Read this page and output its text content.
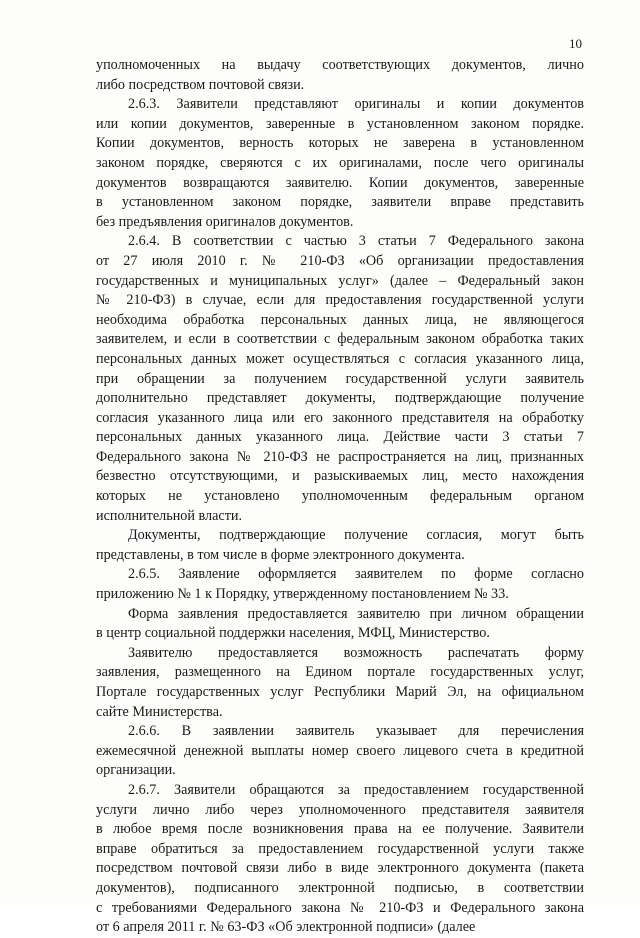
10

уполномоченных на выдачу соответствующих документов, лично

либо посредством почтовой связи.

2.6.3. Заявители представляют оригиналы и копии документов

или копии документов, заверенные в установленном законом порядке.

Копии документов, верность которых не заверена в установленном

законом порядке, сверяются с их оригиналами, после чего оригиналы

документов возвращаются заявителю. Копии документов, заверенные

в установленном законом порядке, заявители вправе представить

без предъявления оригиналов документов.

2.6.4. В соответствии с частью 3 статьи 7 Федерального закона

от 27 июля 2010 г. № 210-ФЗ «Об организации предоставления

государственных и муниципальных услуг» (далее – Федеральный закон

№ 210-ФЗ) в случае, если для предоставления государственной услуги

необходима обработка персональных данных лица, не являющегося

заявителем, и если в соответствии с федеральным законом обработка таких

персональных данных может осуществляться с согласия указанного лица,

при обращении за получением государственной услуги заявитель

дополнительно представляет документы, подтверждающие получение

согласия указанного лица или его законного представителя на обработку

персональных данных указанного лица. Действие части 3 статьи 7

Федерального закона № 210-ФЗ не распространяется на лиц, признанных

безвестно отсутствующими, и разыскиваемых лиц, место нахождения

которых не установлено уполномоченным федеральным органом

исполнительной власти.

Документы, подтверждающие получение согласия, могут быть

представлены, в том числе в форме электронного документа.

2.6.5. Заявление оформляется заявителем по форме согласно

приложению № 1 к Порядку, утвержденному постановлением № 33.

Форма заявления предоставляется заявителю при личном обращении

в центр социальной поддержки населения, МФЦ, Министерство.

Заявителю предоставляется возможность распечатать форму

заявления, размещенного на Едином портале государственных услуг,

Портале государственных услуг Республики Марий Эл, на официальном

сайте Министерства.

2.6.6. В заявлении заявитель указывает для перечисления

ежемесячной денежной выплаты номер своего лицевого счета в кредитной

организации.

2.6.7. Заявители обращаются за предоставлением государственной

услуги лично либо через уполномоченного представителя заявителя

в любое время после возникновения права на ее получение. Заявители

вправе обратиться за предоставлением государственной услуги также

посредством почтовой связи либо в виде электронного документа (пакета

документов), подписанного электронной подписью, в соответствии

с требованиями Федерального закона № 210-ФЗ и Федерального закона

от 6 апреля 2011 г. № 63-ФЗ «Об электронной подписи» (далее
